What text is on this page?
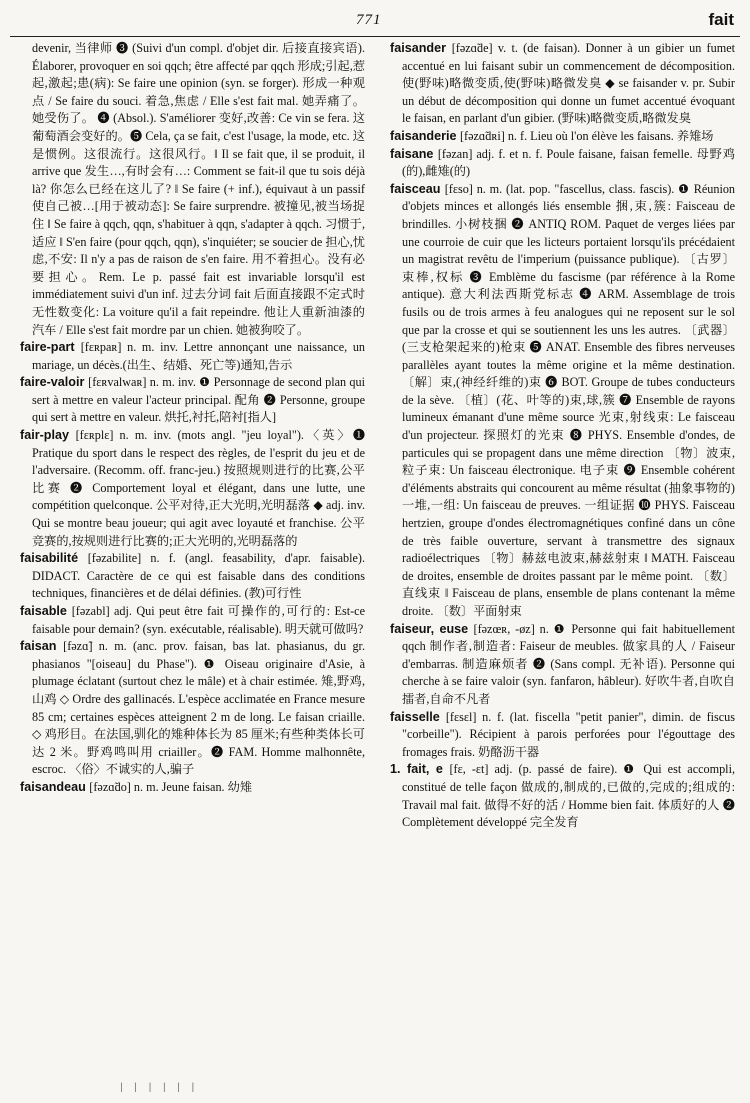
771	fait

devenir, 当律师 ❸ (Suivi d'un compl. d'objet dir. 后接直接宾语). Élaborer, provoquer en soi qqch; être affecté par qqch 形成;引起,惹起,激起;患(病): Se faire une opinion (syn. se forger). 形成一种观点 / Se faire du souci. 着急,焦虑 / Elle s'est fait mal. 她弄痛了。她受伤了。 ❹ (Absol.). S'améliorer 变好,改善: Ce vin se fera. 这葡萄酒会变好的。❺ Cela, ça se fait, c'est l'usage, la mode, etc. 这是惯例。这很流行。这很风行。‖ Il se fait que, il se produit, il arrive que 发生…,有时会有…: Comment se fait-il que tu sois déjà là? 你怎么已经在这儿了? ‖ Se faire (+ inf.), équivaut à un passif 使自己被…[用于被动态]: Se faire surprendre. 被撞见,被当场捉住 ‖ Se faire à qqch, qqn, s'habituer à qqn, s'adapter à qqch. 习惯于,适应 ‖ S'en faire (pour qqch, qqn), s'inquiéter; se soucier de 担心,忧虑,不安: Il n'y a pas de raison de s'en faire. 用不着担心。没有必要担心。Rem. Le p. passé fait est invariable lorsqu'il est immédiatement suivi d'un inf. 过去分词 fait 后面直接跟不定式时无性数变化: La voiture qu'il a fait repeindre. 他让人重新油漆的汽车 / Elle s'est fait mordre par un chien. 她被狗咬了。

faire-part [fɛʀpaʀ] n. m. inv. Lettre annonçant une naissance, un mariage, un décès.(出生、结婚、死亡等)通知,告示

faire-valoir [fɛʀvalwaʀ] n. m. inv. ❶ Personnage de second plan qui sert à mettre en valeur l'acteur principal. 配角 ❷ Personne, groupe qui sert à mettre en valeur. 烘托,衬托,陪衬[指人]

fair-play [fɛʀplɛ] n. m. inv. (mots angl. "jeu loyal").〈英〉❶ Pratique du sport dans le respect des règles, de l'esprit du jeu et de l'adversaire. (Recomm. off. franc-jeu.) 按照规则进行的比赛,公平比赛 ❷ Comportement loyal et élégant, dans une lutte, une compétition quelconque. 公平对待,正大光明,光明磊落 ◆ adj. inv. Qui se montre beau joueur; qui agit avec loyauté et franchise. 公平竞赛的,按规则进行比赛的;正大光明的,光明磊落的

faisabilité [fəzabilite] n. f. (angl. feasability, d'apr. faisable). DIDACT. Caractère de ce qui est faisable dans des conditions techniques, financières et de délai définies. (教)可行性

faisable [fəzabl] adj. Qui peut être fait 可操作的,可行的: Est-ce faisable pour demain? (syn. exécutable, réalisable). 明天就可做吗?

faisan [fəzɑ̃] n. m. (anc. prov. faisan, bas lat. phasianus, du gr. phasianos "[oiseau] du Phase"). ❶ Oiseau originaire d'Asie, à plumage éclatant (surtout chez le mâle) et à chair estimée. 雉,野鸡,山鸡 ◇ Ordre des gallinacés. L'espèce acclimatée en France mesure 85 cm; certaines espèces atteignent 2 m de long. Le faisan criaille. ◇ 鸡形目。在法国,驯化的雉种体长为 85 厘米;有些种类体长可达 2 米。野鸡鸣叫用 criailler。❷ FAM. Homme malhonnête, escroc. 〈俗〉不诚实的人,骗子

faisandeau [fəzɑ̃do] n. m. Jeune faisan. 幼雉

faisander [fəzɑ̃de] v. t. (de faisan). Donner à un gibier un fumet accentué en lui faisant subir un commencement de décomposition. 使(野味)略微变质,使(野味)略微发臭 ◆ se faisander v. pr. Subir un début de décomposition qui donne un fumet accentué évoquant le faisan, en parlant d'un gibier. (野味)略微变质,略微发臭

faisanderie [fəzɑ̃dʀi] n. f. Lieu où l'on élève les faisans. 养雉场

faisane [fəzan] adj. f. et n. f. Poule faisane, faisan femelle. 母野鸡(的),雌雉(的)

faisceau [fɛso] n. m. (lat. pop. "fascellus, class. fascis). ❶ Réunion d'objets minces et allongés liés ensemble 捆,束,簇: Faisceau de brindilles. 小树枝捆 ❷ ANTIQ ROM. Paquet de verges liées par une courroie de cuir que les licteurs portaient lorsqu'ils précédaient un magistrat revêtu de l'imperium (puissance publique). 〔古罗〕束棒,权标 ❸ Emblème du fascisme (par référence à la Rome antique). 意大利法西斯党标志 ❹ ARM. Assemblage de trois fusils ou de trois armes à feu analogues qui ne reposent sur le sol que par la crosse et qui se soutiennent les uns les autres. 〔武器〕(三支枪架起来的)枪束 ❺ ANAT. Ensemble des fibres nerveuses parallèles ayant toutes la même origine et la même destination. 〔解〕束,(神经纤维的)束 ❻ BOT. Groupe de tubes conducteurs de la sève. 〔植〕(花、叶等的)束,球,簇 ❼ Ensemble de rayons lumineux émanant d'une même source 光束,射线束: Le faisceau d'un projecteur. 探照灯的光束 ❽ PHYS. Ensemble d'ondes, de particules qui se propagent dans une même direction 〔物〕波束,粒子束: Un faisceau électronique. 电子束 ❾ Ensemble cohérent d'éléments abstraits qui concourent au même résultat (抽象事物的)一堆,一组: Un faisceau de preuves. 一组证据 ❿ PHYS. Faisceau hertzien, groupe d'ondes électromagnétiques confiné dans un cône de très faible ouverture, servant à transmettre des signaux radioélectriques 〔物〕赫兹电波束,赫兹射束 ‖ MATH. Faisceau de droites, ensemble de droites passant par le même point. 〔数〕直线束 ‖ Faisceau de plans, ensemble de plans contenant la même droite. 〔数〕平面射束

faiseur, euse [fəzœʀ, -øz] n. ❶ Personne qui fait habituellement qqch 制作者,制造者: Faiseur de meubles. 做家具的人 / Faiseur d'embarras. 制造麻烦者 ❷ (Sans compl. 无补语). Personne qui cherche à se faire valoir (syn. fanfaron, hâbleur). 好吹牛者,自吹自擂者,自命不凡者

faisselle [fɛsɛl] n. f. (lat. fiscella "petit panier", dimin. de fiscus "corbeille"). Récipient à parois perforées pour l'égouttage des fromages frais. 奶酪沥干器

1. fait, e [fɛ, -ɛt] adj. (p. passé de faire). ❶ Qui est accompli, constitué de telle façon 做成的,制成的,已做的,完成的;组成的: Travail mal fait. 做得不好的活 / Homme bien fait. 体质好的人 ❷ Complètement développé 完全发育

ǀ ǀ ǀ ǀ ǀ ǀ
